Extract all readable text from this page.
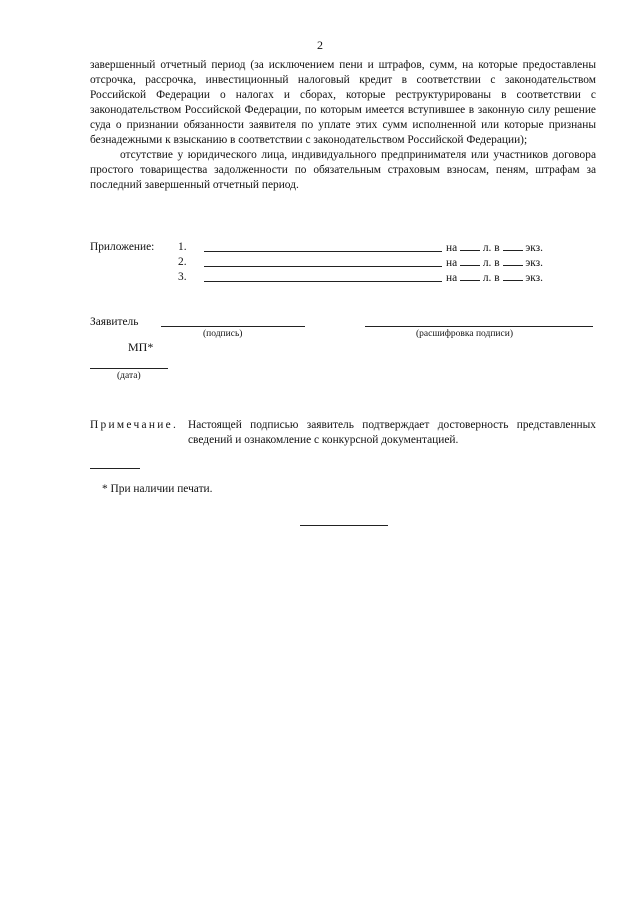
2

завершенный отчетный период (за исключением пени и штрафов, сумм, на которые предоставлены отсрочка, рассрочка, инвестиционный налоговый кредит в соответствии с законодательством Российской Федерации о налогах и сборах, которые реструктурированы в соответствии с законодательством Российской Федерации, по которым имеется вступившее в законную силу решение суда о признании обязанности заявителя по уплате этих сумм исполненной или которые признаны безнадежными к взысканию в соответствии с законодательством Российской Федерации);

отсутствие у юридического лица, индивидуального предпринимателя или участников договора простого товарищества задолженности по обязательным страховым взносам, пеням, штрафам за последний завершенный отчетный период.

Приложение: 1.	на л. в экз.
2.	на л. в экз.
3.	на л. в экз.
Заявитель
(подпись)	(расшифровка подписи)
МП*
(дата)
Примечание. Настоящей подписью заявитель подтверждает достоверность представленных сведений и ознакомление с конкурсной документацией.
* При наличии печати.
